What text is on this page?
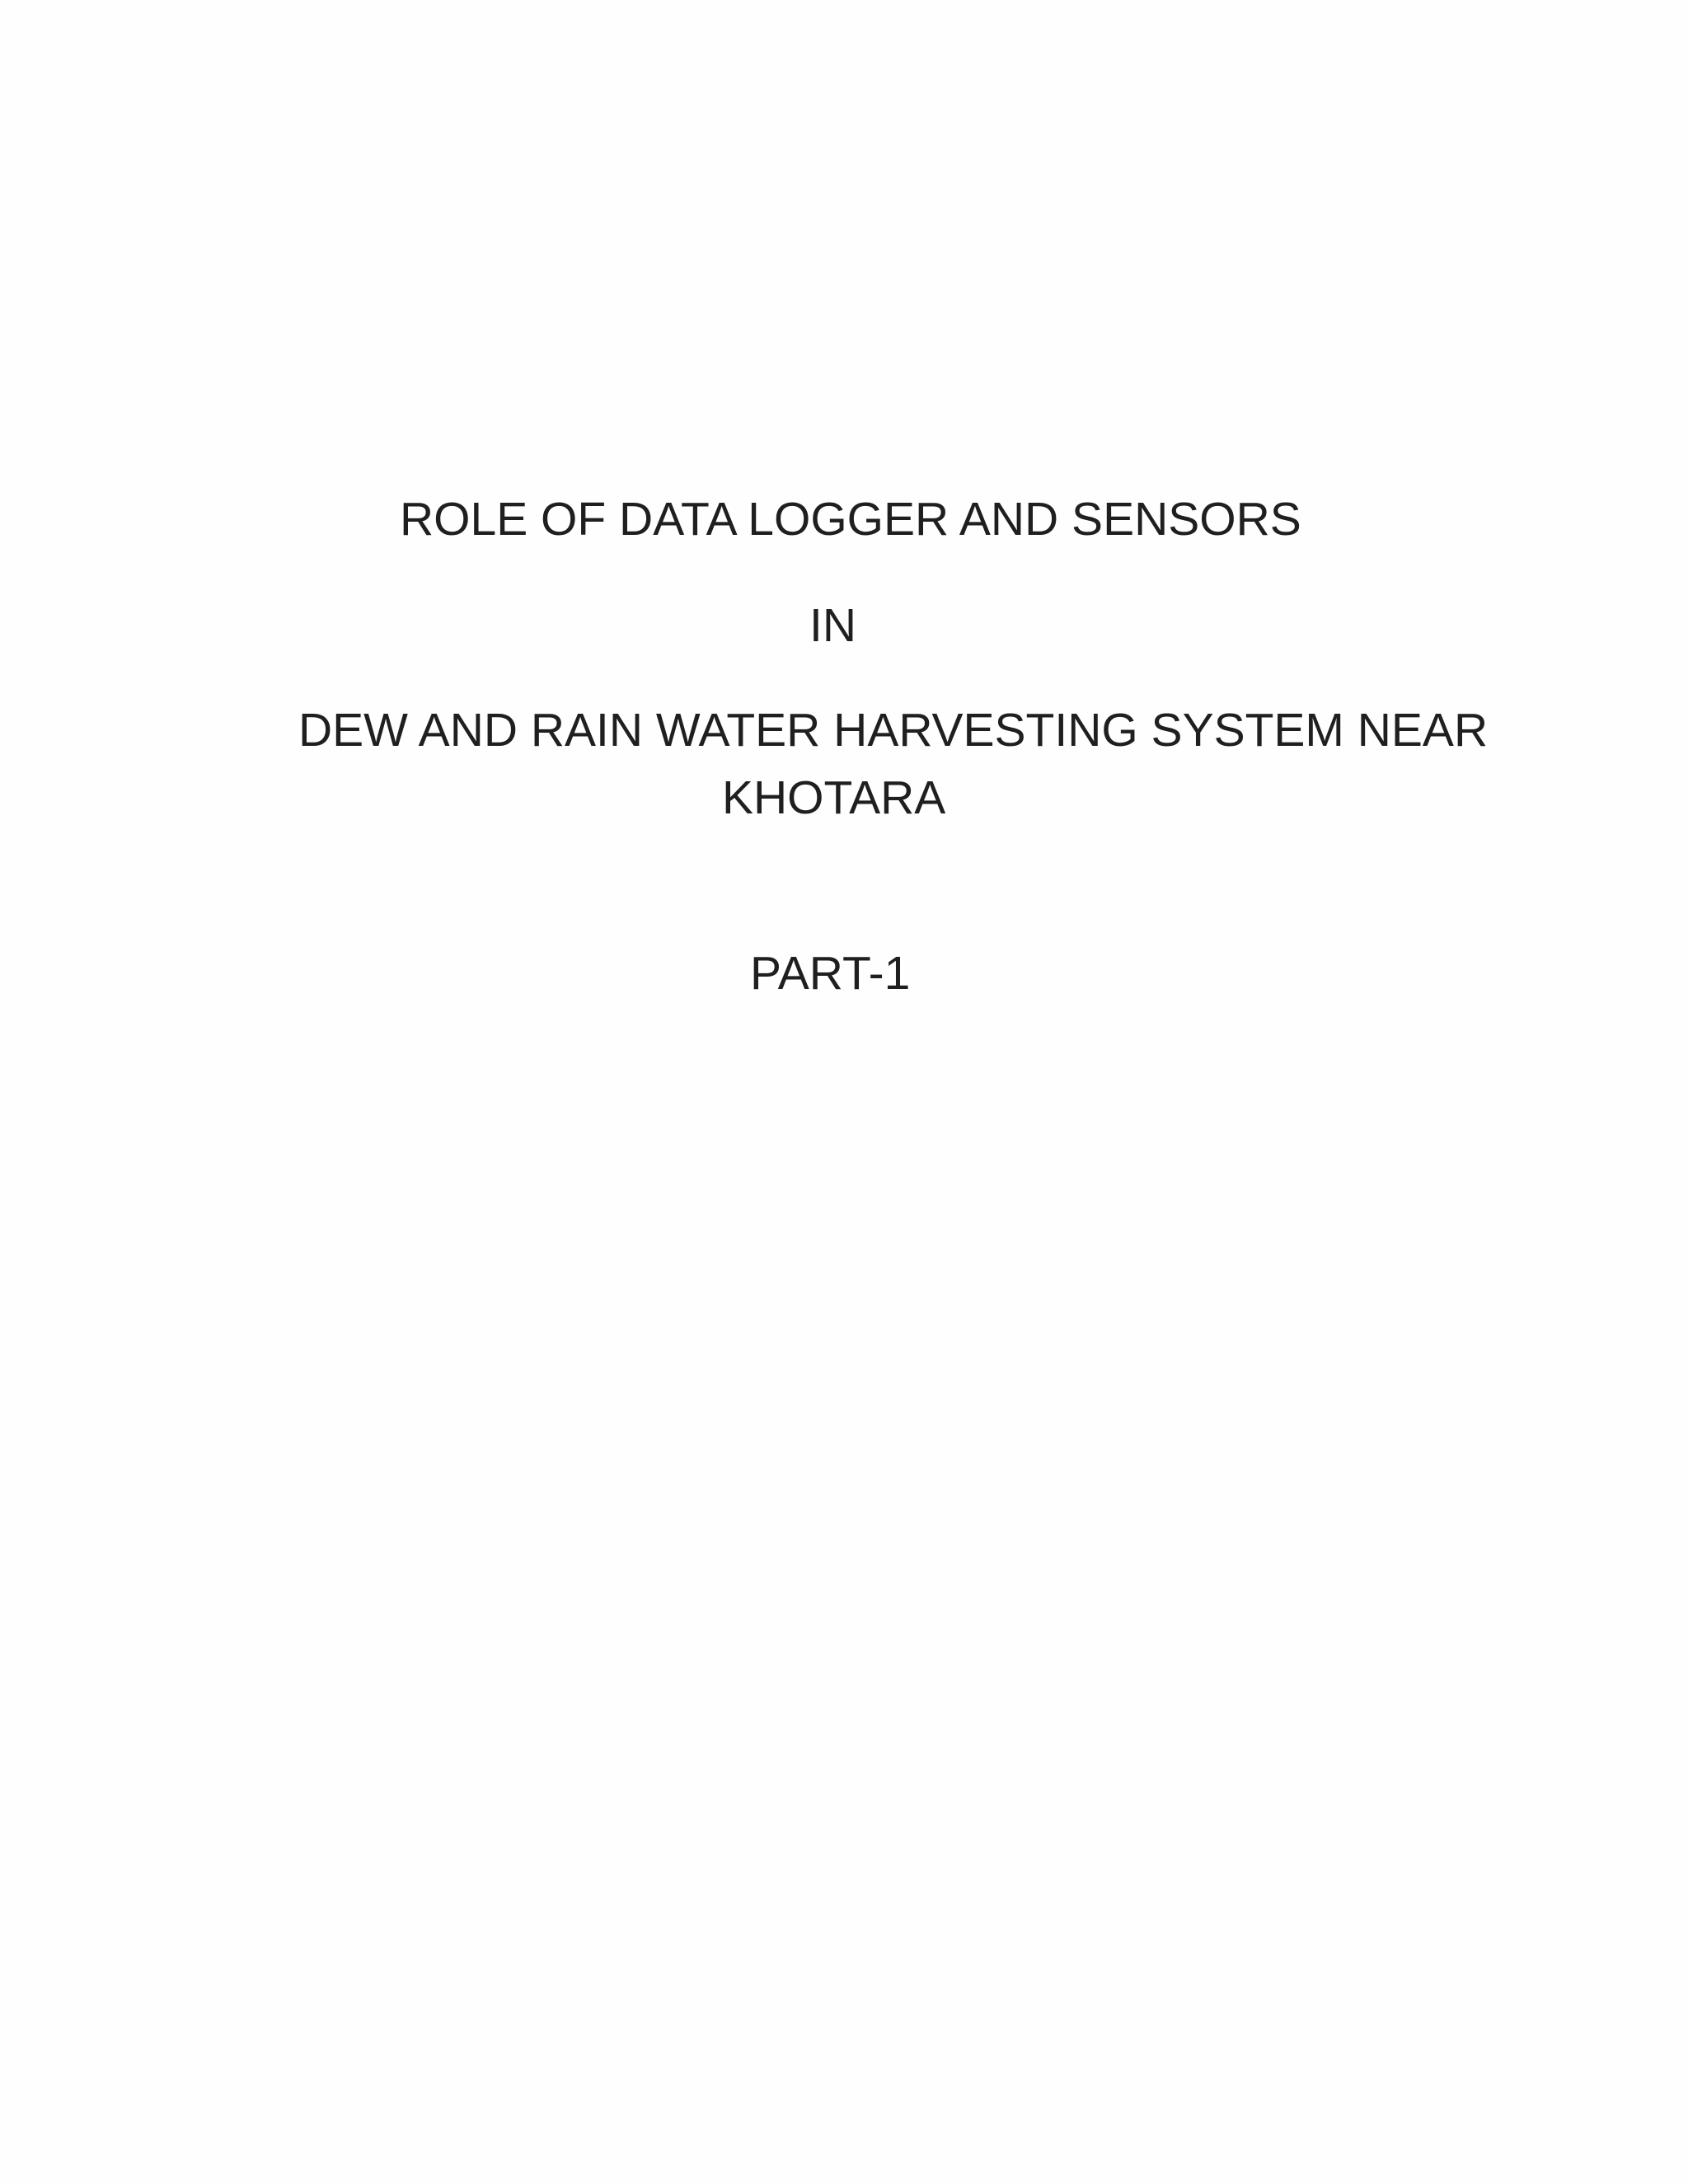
ROLE OF DATA LOGGER AND SENSORS
IN
DEW AND RAIN WATER HARVESTING SYSTEM NEAR
KHOTARA
PART-1
